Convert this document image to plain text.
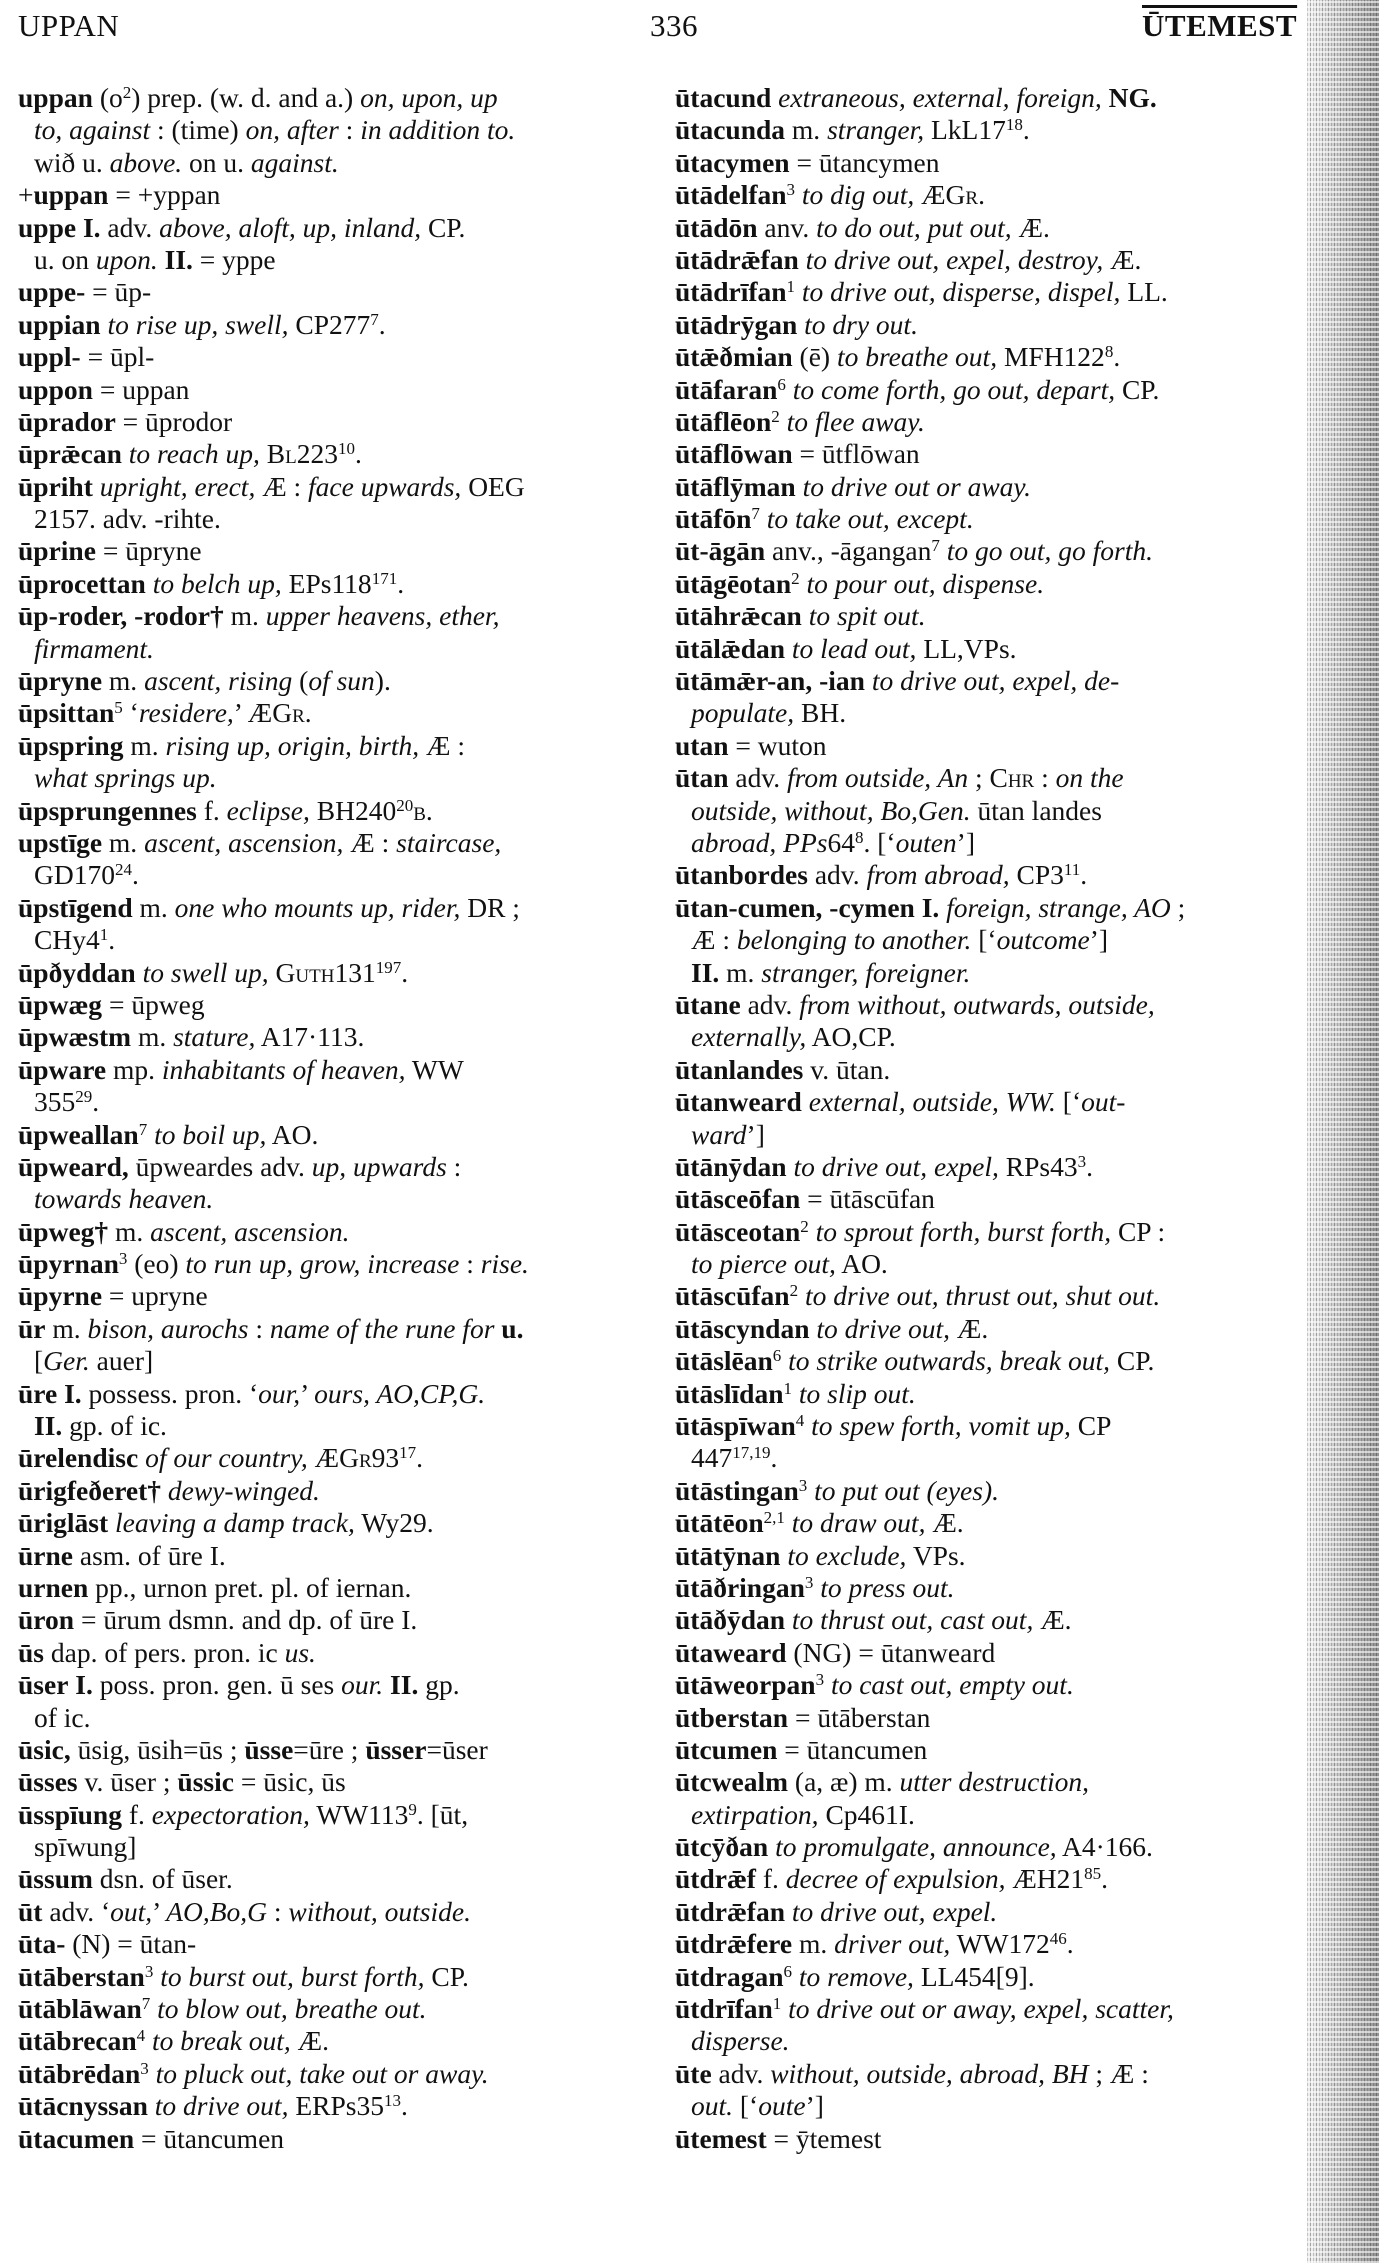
UPPAN	336	ŪTEMEST
uppan $(o^2)$ prep. (w. d. and a.) on, upon, up
to, against : (time) on, after : in addition to.
wið u. above. on u. against.
+uppan = +yppan
uppe I. adv. above, aloft, up, inland, CP.
u. on upon. II. = yppe
uppe- = ūp-
uppian to rise up, swell, $CP277^7$.
uppl- = ūpl-
uppon = uppan
ūprador = ūprodor
ūprǣcan to reach up, $Bl223^{10}$.
ūpriht upright, erect, Æ : face upwards, OEG
2157. adv. -rihte.
ūprine = ūpryne
ūprocettan to belch up, $EPs118^{171}$.
ūp-roder, -rodor† m. upper heavens, ether,
firmament.
ūpryne m. ascent, rising (of sun).
ūpsittan$^5$ ‘residere,’ ÆGr.
ūpspring m. rising up, origin, birth, Æ :
what springs up.
ūpsprungennes f. eclipse, $BH240^{20}b$.
upstīge m. ascent, ascension, Æ : staircase,
$GD170^{24}$.
ūpstīgend m. one who mounts up, rider, DR ;
$CHy4^1$.
ūpðyddan to swell up, $Guth131^{197}$.
ūpwæg = ūpweg
ūpwæstm m. stature, A17·113.
ūpware mp. inhabitants of heaven, WW
$355^{29}$.
ūpweallan$^7$ to boil up, AO.
ūpweard, ūpweardes adv. up, upwards :
towards heaven.
ūpweg† m. ascent, ascension.
ūpyrnan$^3$ (eo) to run up, grow, increase : rise.
ūpyrne = upryne
ūr m. bison, aurochs : name of the rune for u.
[Ger. auer]
ūre I. possess. pron. ‘our,’ ours, AO,CP,G.
II. gp. of ic.
ūrelendisc of our country, $ÆGr93^{17}$.
ūrigfeðeret† dewy-winged.
ūriglāst leaving a damp track, Wy29.
ūrne asm. of ūre I.
urnen pp., urnon pret. pl. of iernan.
ūron = ūrum dsmn. and dp. of ūre I.
ūs dap. of pers. pron. ic us.
ūser I. poss. pron. gen. ū ses our. II. gp.
of ic.
ūsic, ūsig, ūsih=ūs ; ūsse=ūre ; ūsser=ūser
ūsses v. ūser ; ūssic = ūsic, ūs
ūsspīung f. expectoration, $WW113^9$. [ūt,
spīwung]
ūssum dsn. of ūser.
ūt adv. ‘out,’ AO,Bo,G : without, outside.
ūta- (N) = ūtan-
ūtāberstan$^3$ to burst out, burst forth, CP.
ūtāblāwan$^7$ to blow out, breathe out.
ūtābrecan$^4$ to break out, Æ.
ūtābrēdan$^3$ to pluck out, take out or away.
ūtācnyssan to drive out, $ERPs35^{13}$.
ūtacumen = ūtancumen
ūtacund extraneous, external, foreign, NG.
ūtacunda m. stranger, $LkL17^{18}$.
ūtacymen = ūtancymen
ūtādelfan$^3$ to dig out, ÆGr.
ūtādōn anv. to do out, put out, Æ.
ūtādrǣfan to drive out, expel, destroy, Æ.
ūtādrīfan$^1$ to drive out, disperse, dispel, LL.
ūtādrȳgan to dry out.
ūtǣðmian (ē) to breathe out, $MFH122^8$.
ūtāfaran$^6$ to come forth, go out, depart, CP.
ūtāflēon$^2$ to flee away.
ūtāflōwan = ūtflōwan
ūtāflȳman to drive out or away.
ūtāfōn$^7$ to take out, except.
ūt-āgān anv., -āgangan$^7$ to go out, go forth.
ūtāgēotan$^2$ to pour out, dispense.
ūtāhrǣcan to spit out.
ūtālǣdan to lead out, LL,VPs.
ūtāmǣr-an, -ian to drive out, expel, de-
populate, BH.
utan = wuton
ūtan adv. from outside, An ; Chr : on the
outside, without, Bo,Gen. ūtan landes
abroad, $PPs64^8$. [‘outen’]
ūtanbordes adv. from abroad, $CP3^{11}$.
ūtan-cumen, -cymen I. foreign, strange, AO ;
Æ : belonging to another. [‘outcome’]
II. m. stranger, foreigner.
ūtane adv. from without, outwards, outside,
externally, AO,CP.
ūtanlandes v. ūtan.
ūtanweard external, outside, WW. [‘out-
ward’]
ūtānȳdan to drive out, expel, $RPs43^3$.
ūtāsceōfan = ūtāscūfan
ūtāsceotan$^2$ to sprout forth, burst forth, CP :
to pierce out, AO.
ūtāscūfan$^2$ to drive out, thrust out, shut out.
ūtāscyndan to drive out, Æ.
ūtāslēan$^6$ to strike outwards, break out, CP.
ūtāslīdan$^1$ to slip out.
ūtāspīwan$^4$ to spew forth, vomit up, CP
447$^{17,19}$.
ūtāstingan$^3$ to put out (eyes).
ūtātēon$^{2,1}$ to draw out, Æ.
ūtātȳnan to exclude, VPs.
ūtāðringan$^3$ to press out.
ūtāðȳdan to thrust out, cast out, Æ.
ūtaweard (NG) = ūtanweard
ūtāweorpan$^3$ to cast out, empty out.
ūtberstan = ūtāberstan
ūtcumen = ūtancumen
ūtcwealm (a, æ) m. utter destruction,
extirpation, Cp461I.
ūtcȳðan to promulgate, announce, A4·166.
ūtdrǣf f. decree of expulsion, $ÆH21^{85}$.
ūtdrǣfan to drive out, expel.
ūtdrǣfere m. driver out, $WW172^{46}$.
ūtdragan$^6$ to remove, LL454[9].
ūtdrīfan$^1$ to drive out or away, expel, scatter,
disperse.
ūte adv. without, outside, abroad, BH ; Æ :
out. [‘oute’]
ūtemest = ȳtemest
